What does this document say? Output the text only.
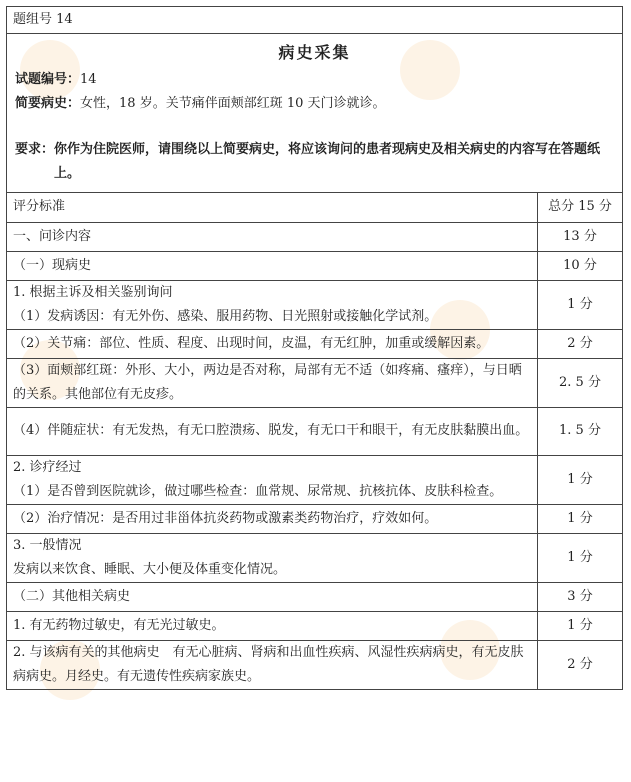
题组号 14
病史采集
试题编号：14
简要病史：女性，18 岁。关节痛伴面颊部红斑 10 天门诊就诊。
要求： 你作为住院医师，请围绕以上简要病史，将应该询问的患者现病史及相关病史的内容写在答题纸上。
评分标准	总分 15 分

一、问诊内容	13 分

（一）现病史	10 分

1. 根据主诉及相关鉴别询问
（1）发病诱因：有无外伤、感染、服用药物、日光照射或接触化学试剂。	1 分

（2）关节痛：部位、性质、程度、出现时间，皮温，有无红肿，加重或缓解因素。	2 分

（3）面颊部红斑：外形、大小，两边是否对称，局部有无不适（如疼痛、瘙痒），与日晒的关系。其他部位有无皮疹。	2. 5 分

（4）伴随症状：有无发热，有无口腔溃疡、脱发，有无口干和眼干，有无皮肤黏膜出血。	1. 5 分

2. 诊疗经过
（1）是否曾到医院就诊，做过哪些检查：血常规、尿常规、抗核抗体、皮肤科检查。	1 分

（2）治疗情况：是否用过非甾体抗炎药物或激素类药物治疗，疗效如何。	1 分

3. 一般情况
发病以来饮食、睡眠、大小便及体重变化情况。	1 分

（二）其他相关病史	3 分

1. 有无药物过敏史，有无光过敏史。	1 分

2. 与该病有关的其他病史　有无心脏病、肾病和出血性疾病、风湿性疾病病史，有无皮肤病病史。月经史。有无遗传性疾病家族史。	2 分
